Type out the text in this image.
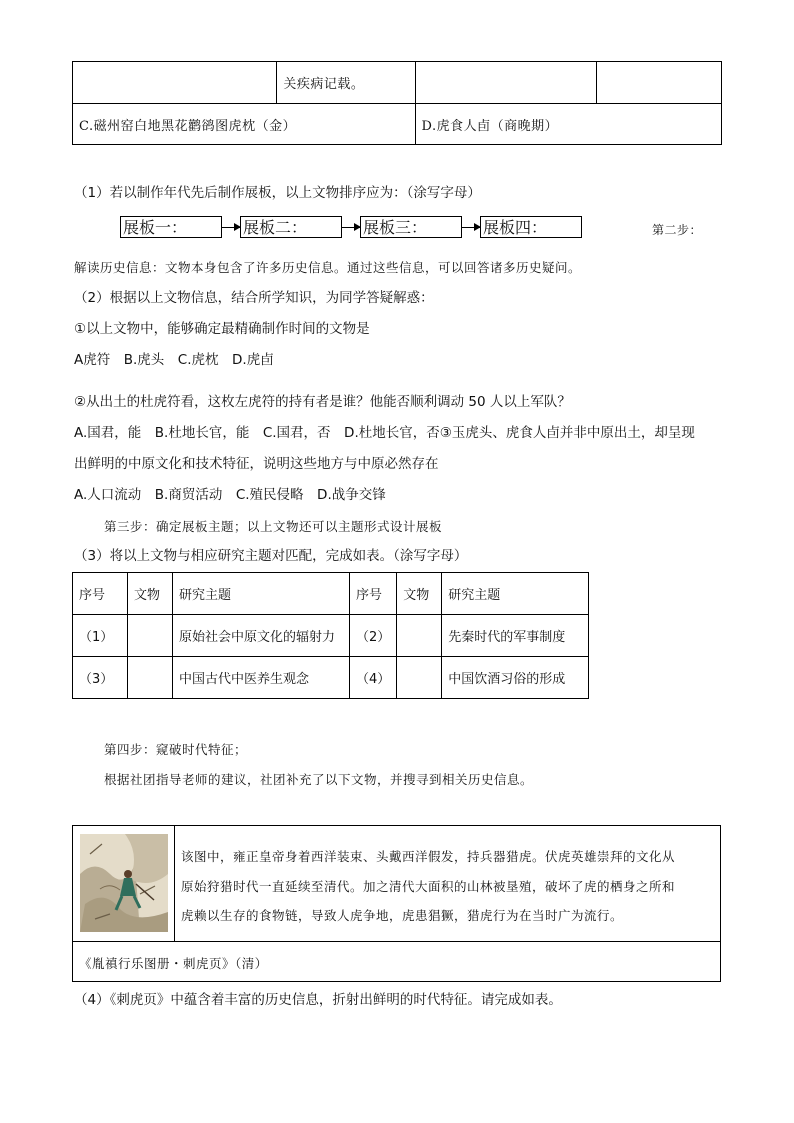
	关疾病记载。		
C.磁州窑白地黑花鹳鹆图虎枕（金）		D.虎食人卣（商晚期）	
（1）若以制作年代先后制作展板，以上文物排序应为：（涂写字母）
展板一：	展板二：	展板三：	展板四：	第二步：
解读历史信息：文物本身包含了许多历史信息。通过这些信息，可以回答诸多历史疑问。
（2）根据以上文物信息，结合所学知识，为同学答疑解惑：
①以上文物中，能够确定最精确制作时间的文物是
A虎符　B.虎头　C.虎枕　D.虎卣
②从出土的杜虎符看，这枚左虎符的持有者是谁？他能否顺利调动 50 人以上军队？
A.国君，能　B.杜地长官，能　C.国君，否　D.杜地长官，否③玉虎头、虎食人卣并非中原出土，却呈现
出鲜明的中原文化和技术特征，说明这些地方与中原必然存在
A.人口流动　B.商贸活动　C.殖民侵略　D.战争交锋
第三步：确定展板主题；以上文物还可以主题形式设计展板
（3）将以上文物与相应研究主题对匹配，完成如表。（涂写字母）
序号	文物	研究主题	序号	文物	研究主题
（1）		原始社会中原文化的辐射力	（2）		先秦时代的军事制度
（3）		中国古代中医养生观念	（4）		中国饮酒习俗的形成
第四步：窥破时代特征；
根据社团指导老师的建议，社团补充了以下文物，并搜寻到相关历史信息。
该图中，雍正皇帝身着西洋装束、头戴西洋假发，持兵器猎虎。伏虎英雄崇拜的文化从
原始狩猎时代一直延续至清代。加之清代大面积的山林被垦殖，破坏了虎的栖身之所和
虎赖以生存的食物链，导致人虎争地，虎患猖獗，猎虎行为在当时广为流行。
《胤禛行乐图册・刺虎页》（清）
（4）《刺虎页》中蕴含着丰富的历史信息，折射出鲜明的时代特征。请完成如表。
